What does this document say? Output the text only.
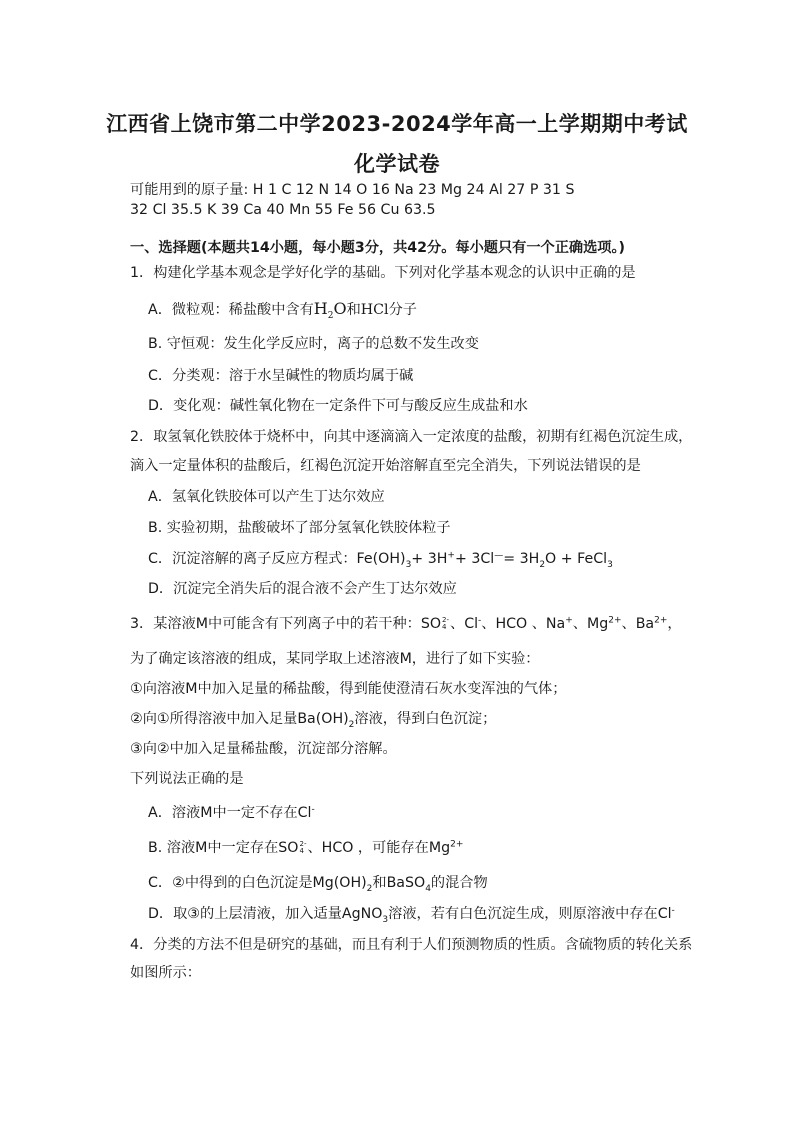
江西省上饶市第二中学2023-2024学年高一上学期期中考试
化学试卷
可能用到的原子量: H 1 C 12 N 14 O 16 Na 23 Mg 24 Al 27 P 31 S
32 Cl 35.5 K 39 Ca 40 Mn 55 Fe 56 Cu 63.5
一、选择题(本题共14小题，每小题3分，共42分。每小题只有一个正确选项。)
1．构建化学基本观念是学好化学的基础。下列对化学基本观念的认识中正确的是
A．微粒观：稀盐酸中含有$H_2O$和HCl分子
B. 守恒观：发生化学反应时，离子的总数不发生改变
C．分类观：溶于水呈碱性的物质均属于碱
D．变化观：碱性氧化物在一定条件下可与酸反应生成盐和水
2．取氢氧化铁胶体于烧杯中，向其中逐滴滴入一定浓度的盐酸，初期有红褐色沉淀生成，
滴入一定量体积的盐酸后，红褐色沉淀开始溶解直至完全消失，下列说法错误的是
A．氢氧化铁胶体可以产生丁达尔效应
B. 实验初期，盐酸破坏了部分氢氧化铁胶体粒子
C．沉淀溶解的离子反应方程式：$Fe(OH)_3+ 3H^++ 3Cl^—= 3H_2O$ + FeCl$_3$
D．沉淀完全消失后的混合液不会产生丁达尔效应
3．某溶液M中可能含有下列离子中的若干种：SO 2-
4 、Cl-、HCO 、Na+、$Mg^{2+}$、$Ba^{2+}$，
为了确定该溶液的组成，某同学取上述溶液M，进行了如下实验：
①向溶液M中加入足量的稀盐酸，得到能使澄清石灰水变浑浊的气体；
②向①所得溶液中加入足量$Ba(OH)_2$溶液，得到白色沉淀；
③向②中加入足量稀盐酸，沉淀部分溶解。
下列说法正确的是
A．溶液M中一定不存在Cl-
B. 溶液M中一定存在SO 2-
4 、HCO ，可能存在$Mg^{2+}$
C．②中得到的白色沉淀是$Mg(OH)_2$和BaSO$_4$的混合物
D．取③的上层清液，加入适量AgNO$_3$溶液，若有白色沉淀生成，则原溶液中存在Cl-
4．分类的方法不但是研究的基础，而且有利于人们预测物质的性质。含硫物质的转化关系
如图所示：
